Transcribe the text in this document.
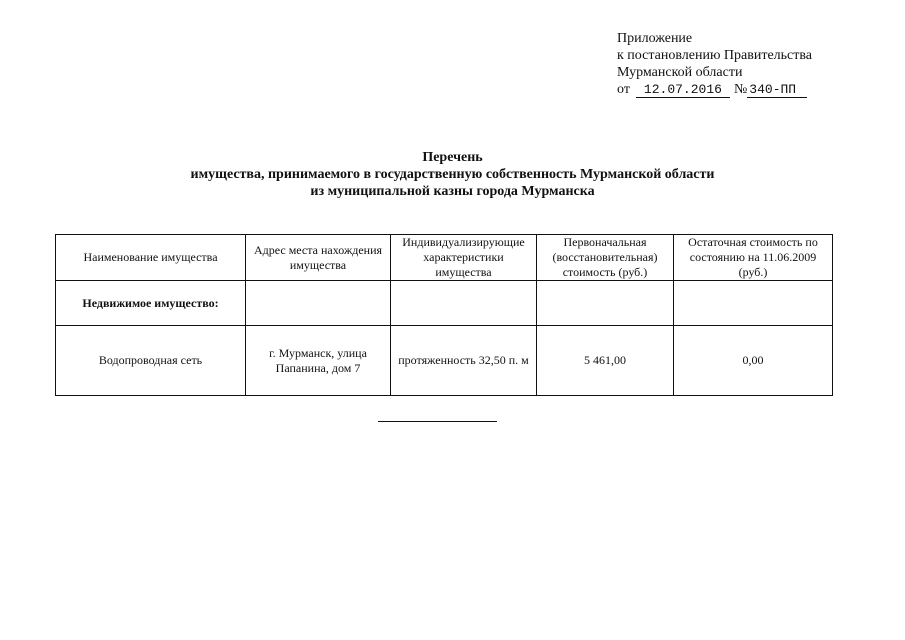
Приложение
к постановлению Правительства
Мурманской области
от 12.07.2016 № 340-ПП
Перечень
имущества, принимаемого в государственную собственность Мурманской области
из муниципальной казны города Мурманска
Наименование имущества	Адрес места нахождения имущества	Индивидуализирующие характеристики имущества	Первоначальная (восстановительная) стоимость (руб.)	Остаточная стоимость по состоянию на 11.06.2009 (руб.)
Недвижимое имущество:				
Водопроводная сеть	г. Мурманск, улица Папанина, дом 7	протяженность 32,50 п. м	5 461,00	0,00
